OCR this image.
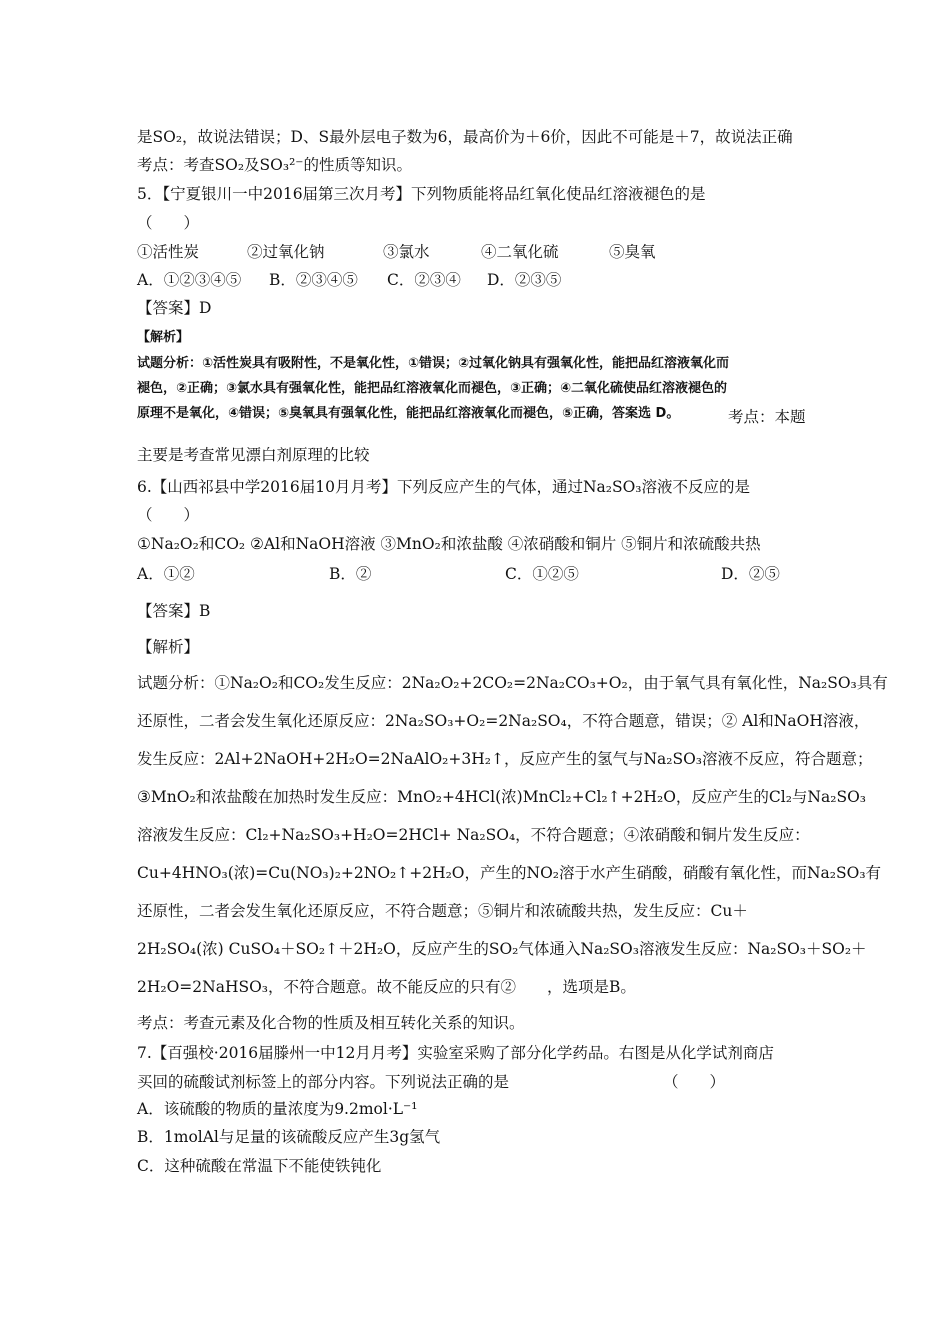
是SO₂，故说法错误；D、S最外层电子数为6，最高价为＋6价，因此不可能是＋7，故说法正确

考点：考查SO₂及SO₃²⁻的性质等知识。

5．【宁夏银川一中2016届第三次月考】下列物质能将品红氧化使品红溶液褪色的是

（　　）

①活性炭	②过氧化钠	③氯水	④二氧化硫	⑤臭氧
A．①②③④⑤ B．②③④⑤ C．②③④ D．②③⑤

【答案】D

【解析】

试题分析：①活性炭具有吸附性，不是氧化性，①错误；②过氧化钠具有强氧化性，能把品红溶液氧化而

褪色，②正确；③氯水具有强氧化性，能把品红溶液氧化而褪色，③正确；④二氧化硫使品红溶液褪色的

原理不是氧化，④错误；⑤臭氧具有强氧化性，能把品红溶液氧化而褪色，⑤正确，答案选 D。	考点：本题

主要是考查常见漂白剂原理的比较

6.【山西祁县中学2016届10月月考】下列反应产生的气体，通过Na₂SO₃溶液不反应的是

（　　）

①Na₂O₂和CO₂ ②Al和NaOH溶液 ③MnO₂和浓盐酸 ④浓硝酸和铜片 ⑤铜片和浓硫酸共热

A．①②	B．②	C．①②⑤	D．②⑤

【答案】B

【解析】

试题分析：①Na₂O₂和CO₂发生反应：2Na₂O₂+2CO₂=2Na₂CO₃+O₂，由于氧气具有氧化性，Na₂SO₃具有

还原性，二者会发生氧化还原反应：2Na₂SO₃+O₂=2Na₂SO₄，不符合题意，错误；② Al和NaOH溶液，

发生反应：2Al+2NaOH+2H₂O=2NaAlO₂+3H₂↑，反应产生的氢气与Na₂SO₃溶液不反应，符合题意；

③MnO₂和浓盐酸在加热时发生反应：MnO₂+4HCl(浓)MnCl₂+Cl₂↑+2H₂O，反应产生的Cl₂与Na₂SO₃

溶液发生反应：Cl₂+Na₂SO₃+H₂O=2HCl+ Na₂SO₄，不符合题意；④浓硝酸和铜片发生反应：

Cu+4HNO₃(浓)=Cu(NO₃)₂+2NO₂↑+2H₂O，产生的NO₂溶于水产生硝酸，硝酸有氧化性，而Na₂SO₃有

还原性，二者会发生氧化还原反应，不符合题意；⑤铜片和浓硫酸共热，发生反应：Cu＋

2H₂SO₄(浓) CuSO₄＋SO₂↑＋2H₂O，反应产生的SO₂气体通入Na₂SO₃溶液发生反应：Na₂SO₃＋SO₂＋

2H₂O=2NaHSO₃，不符合题意。故不能反应的只有②　　，选项是B。

考点：考查元素及化合物的性质及相互转化关系的知识。

7.【百强校·2016届滕州一中12月月考】实验室采购了部分化学药品。右图是从化学试剂商店

买回的硫酸试剂标签上的部分内容。下列说法正确的是	（　　）

A．该硫酸的物质的量浓度为9.2mol·L⁻¹

B．1molAl与足量的该硫酸反应产生3g氢气

C．这种硫酸在常温下不能使铁钝化
